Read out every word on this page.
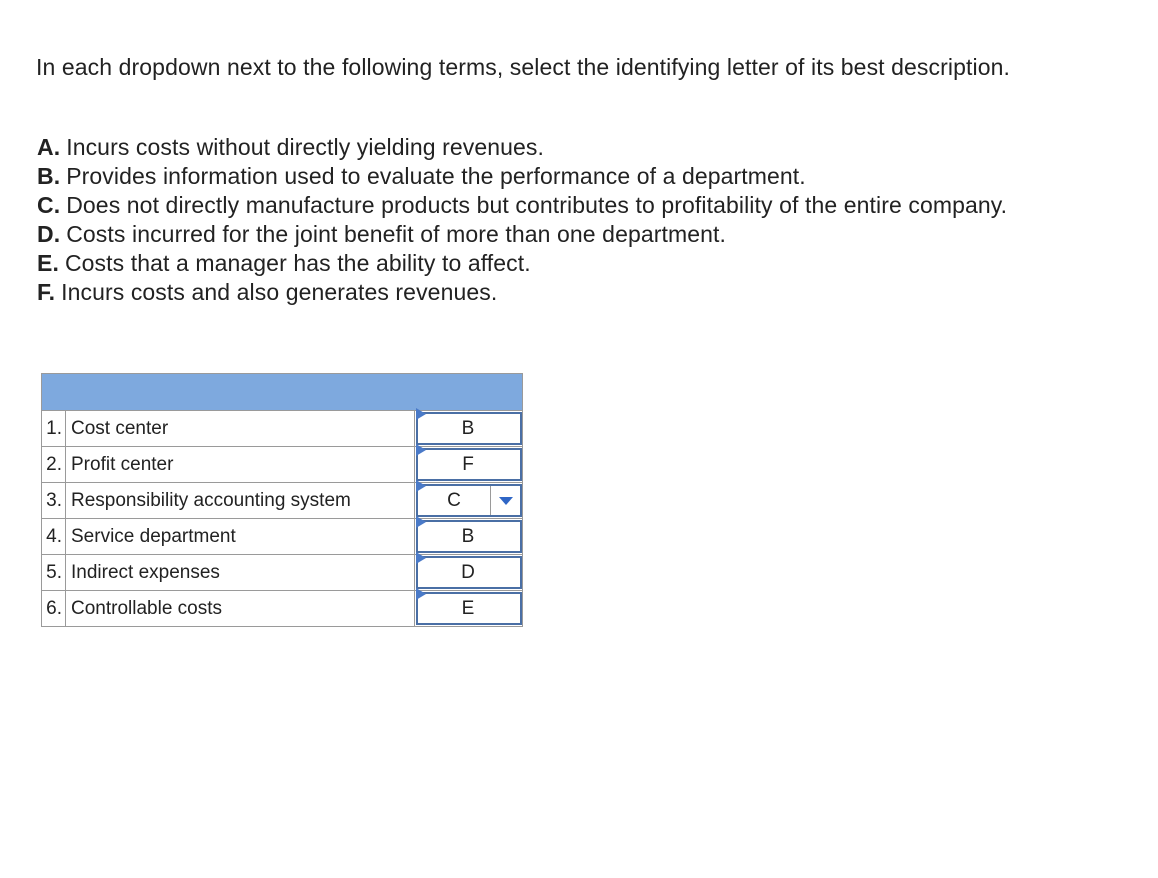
In each dropdown next to the following terms, select the identifying letter of its best description.
A. Incurs costs without directly yielding revenues.
B. Provides information used to evaluate the performance of a department.
C. Does not directly manufacture products but contributes to profitability of the entire company.
D. Costs incurred for the joint benefit of more than one department.
E. Costs that a manager has the ability to affect.
F. Incurs costs and also generates revenues.

1.	Cost center	B

2.	Profit center	F

3.	Responsibility accounting system	C

4.	Service department	B

5.	Indirect expenses	D

6.	Controllable costs	E
